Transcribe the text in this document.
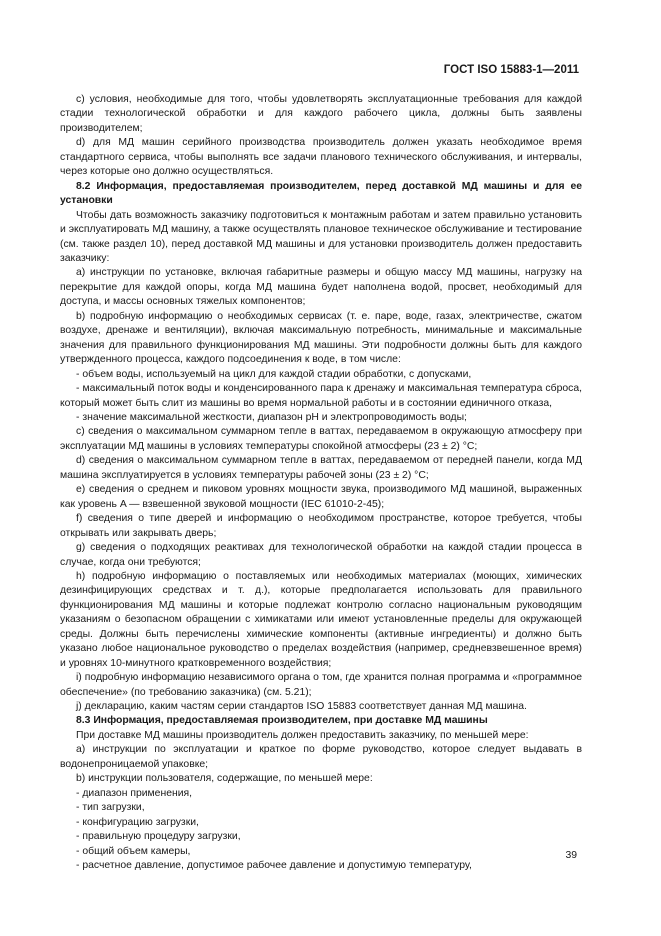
ГОСТ ISO 15883-1—2011

c) условия, необходимые для того, чтобы удовлетворять эксплуатационные требования для каждой стадии технологической обработки и для каждого рабочего цикла, должны быть заявлены производителем;

d) для МД машин серийного производства производитель должен указать необходимое время стандартного сервиса, чтобы выполнять все задачи планового технического обслуживания, и интервалы, через которые оно должно осуществляться.

8.2 Информация, предоставляемая производителем, перед доставкой МД машины и для ее установки

Чтобы дать возможность заказчику подготовиться к монтажным работам и затем правильно установить и эксплуатировать МД машину, а также осуществлять плановое техническое обслуживание и тестирование (см. также раздел 10), перед доставкой МД машины и для установки производитель должен предоставить заказчику:

a) инструкции по установке, включая габаритные размеры и общую массу МД машины, нагрузку на перекрытие для каждой опоры, когда МД машина будет наполнена водой, просвет, необходимый для доступа, и массы основных тяжелых компонентов;

b) подробную информацию о необходимых сервисах (т. е. паре, воде, газах, электричестве, сжатом воздухе, дренаже и вентиляции), включая максимальную потребность, минимальные и максимальные значения для правильного функционирования МД машины. Эти подробности должны быть для каждого утвержденного процесса, каждого подсоединения к воде, в том числе:

- объем воды, используемый на цикл для каждой стадии обработки, с допусками,

- максимальный поток воды и конденсированного пара к дренажу и максимальная температура сброса, который может быть слит из машины во время нормальной работы и в состоянии единичного отказа,

- значение максимальной жесткости, диапазон рН и электропроводимость воды;

c) сведения о максимальном суммарном тепле в ваттах, передаваемом в окружающую атмосферу при эксплуатации МД машины в условиях температуры спокойной атмосферы (23 ± 2) °С;

d) сведения о максимальном суммарном тепле в ваттах, передаваемом от передней панели, когда МД машина эксплуатируется в условиях температуры рабочей зоны (23 ± 2) °С;

e) сведения о среднем и пиковом уровнях мощности звука, производимого МД машиной, выраженных как уровень A — взвешенной звуковой мощности (IEC 61010-2-45);

f) сведения о типе дверей и информацию о необходимом пространстве, которое требуется, чтобы открывать или закрывать дверь;

g) сведения о подходящих реактивах для технологической обработки на каждой стадии процесса в случае, когда они требуются;

h) подробную информацию о поставляемых или необходимых материалах (моющих, химических дезинфицирующих средствах и т. д.), которые предполагается использовать для правильного функционирования МД машины и которые подлежат контролю согласно национальным руководящим указаниям о безопасном обращении с химикатами или имеют установленные пределы для окружающей среды. Должны быть перечислены химические компоненты (активные ингредиенты) и должно быть указано любое национальное руководство о пределах воздействия (например, средневзвешенное время) и уровнях 10-минутного кратковременного воздействия;

i) подробную информацию независимого органа о том, где хранится полная программа и «программное обеспечение» (по требованию заказчика) (см. 5.21);

j) декларацию, каким частям серии стандартов ISO 15883 соответствует данная МД машина.

8.3 Информация, предоставляемая производителем, при доставке МД машины

При доставке МД машины производитель должен предоставить заказчику, по меньшей мере:

a) инструкции по эксплуатации и краткое по форме руководство, которое следует выдавать в водонепроницаемой упаковке;

b) инструкции пользователя, содержащие, по меньшей мере:

- диапазон применения,

- тип загрузки,

- конфигурацию загрузки,

- правильную процедуру загрузки,

- общий объем камеры,

- расчетное давление, допустимое рабочее давление и допустимую температуру,

39
